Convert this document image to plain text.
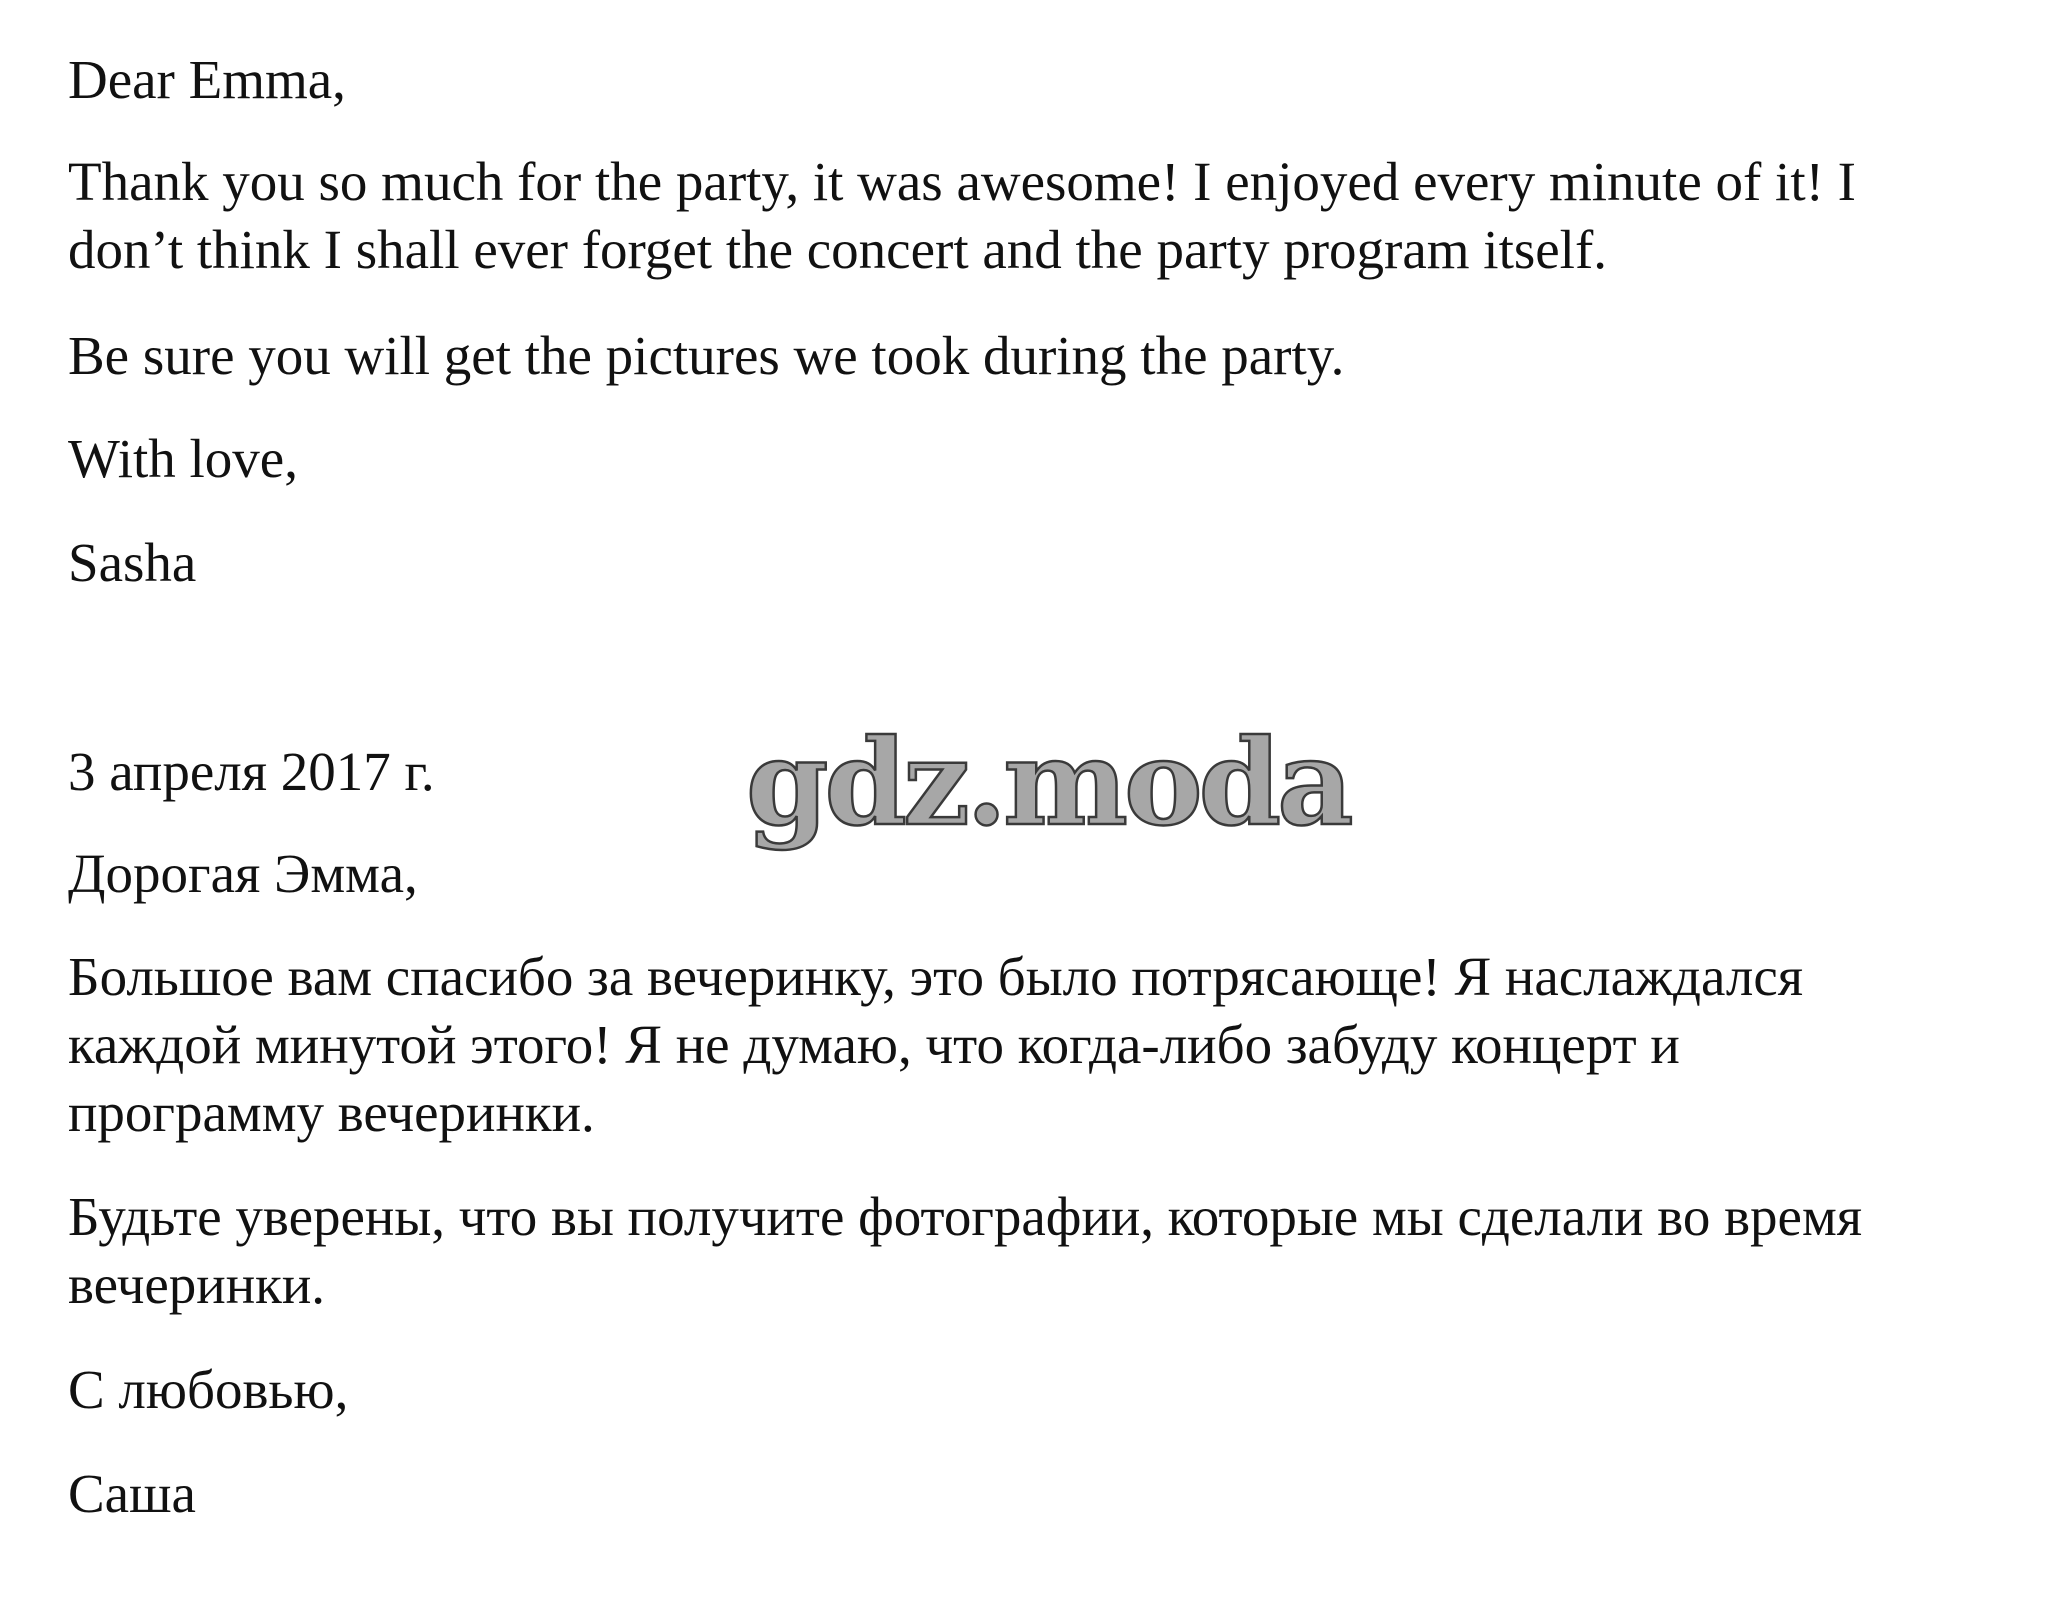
Dear Emma,

Thank you so much for the party, it was awesome! I enjoyed every minute of it! I

don’t think I shall ever forget the concert and the party program itself.

Be sure you will get the pictures we took during the party.

With love,

Sasha

3 апреля 2017 г.

Дорогая Эмма,

Большое вам спасибо за вечеринку, это было потрясающе! Я наслаждался

каждой минутой этого! Я не думаю, что когда-либо забуду концерт и

программу вечеринки.

Будьте уверены, что вы получите фотографии, которые мы сделали во время

вечеринки.

С любовью,

Саша

gdz.moda
